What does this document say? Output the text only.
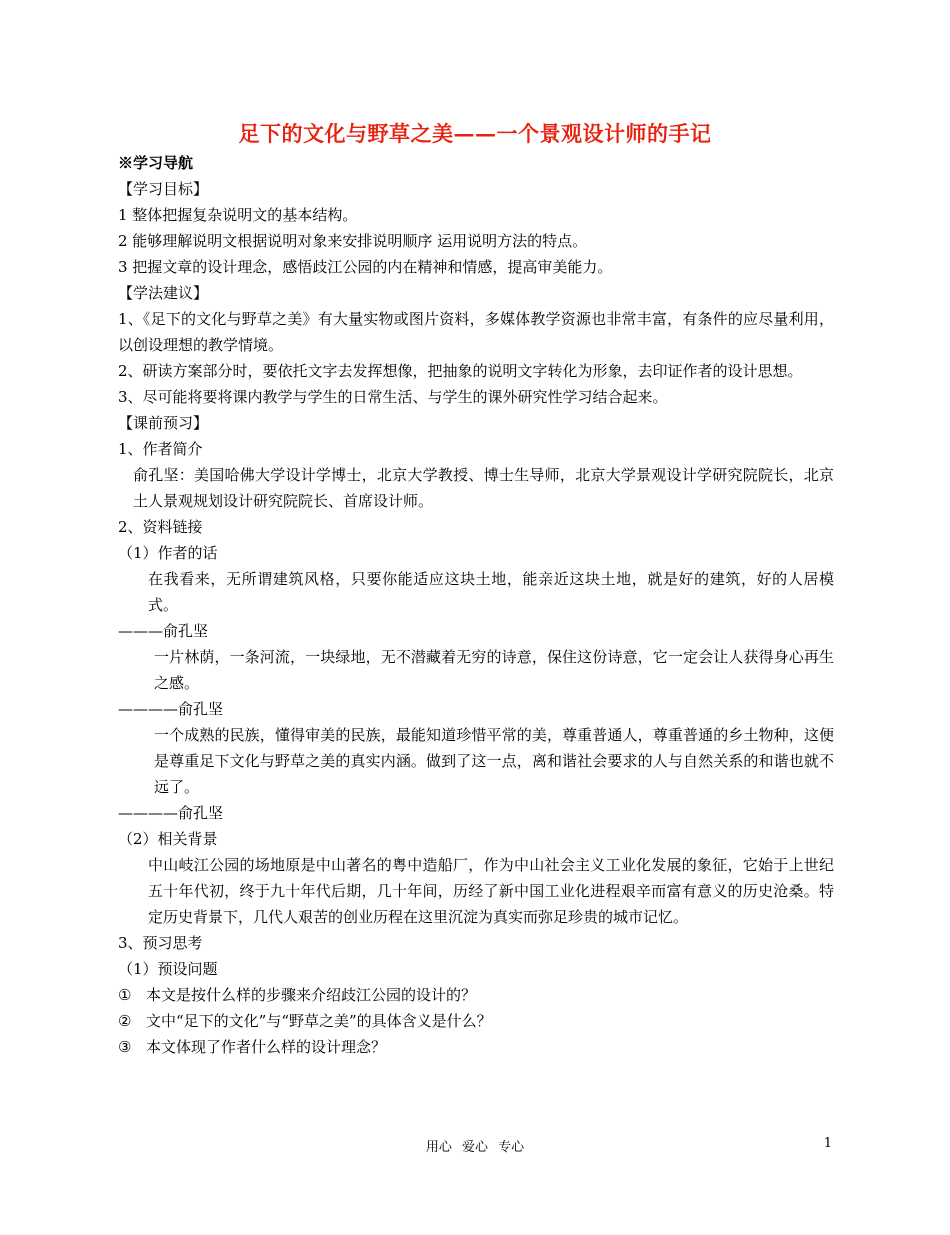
足下的文化与野草之美——一个景观设计师的手记
※学习导航
【学习目标】
1 整体把握复杂说明文的基本结构。
2 能够理解说明文根据说明对象来安排说明顺序 运用说明方法的特点。
3 把握文章的设计理念，感悟歧江公园的内在精神和情感，提高审美能力。
【学法建议】
1、《足下的文化与野草之美》有大量实物或图片资料，多媒体教学资源也非常丰富，有条件的应尽量利用，以创设理想的教学情境。
2、研读方案部分时，要依托文字去发挥想像，把抽象的说明文字转化为形象，去印证作者的设计思想。
3、尽可能将要将课内教学与学生的日常生活、与学生的课外研究性学习结合起来。
【课前预习】
1、作者简介
俞孔坚：美国哈佛大学设计学博士，北京大学教授、博士生导师，北京大学景观设计学研究院院长，北京土人景观规划设计研究院院长、首席设计师。
2、资料链接
（1）作者的话
在我看来，无所谓建筑风格，只要你能适应这块土地，能亲近这块土地，就是好的建筑，好的人居模式。
———俞孔坚
一片林荫，一条河流，一块绿地，无不潜藏着无穷的诗意，保住这份诗意，它一定会让人获得身心再生之感。
————俞孔坚
一个成熟的民族，懂得审美的民族，最能知道珍惜平常的美，尊重普通人，尊重普通的乡土物种，这便是尊重足下文化与野草之美的真实内涵。做到了这一点，离和谐社会要求的人与自然关系的和谐也就不远了。
————俞孔坚
（2）相关背景
中山岐江公园的场地原是中山著名的粤中造船厂，作为中山社会主义工业化发展的象征，它始于上世纪五十年代初，终于九十年代后期，几十年间，历经了新中国工业化进程艰辛而富有意义的历史沧桑。特定历史背景下，几代人艰苦的创业历程在这里沉淀为真实而弥足珍贵的城市记忆。
3、预习思考
（1）预设问题
① 本文是按什么样的步骤来介绍歧江公园的设计的？
② 文中“足下的文化”与“野草之美”的具体含义是什么？
③ 本文体现了作者什么样的设计理念？
用心 爱心 专心	1
